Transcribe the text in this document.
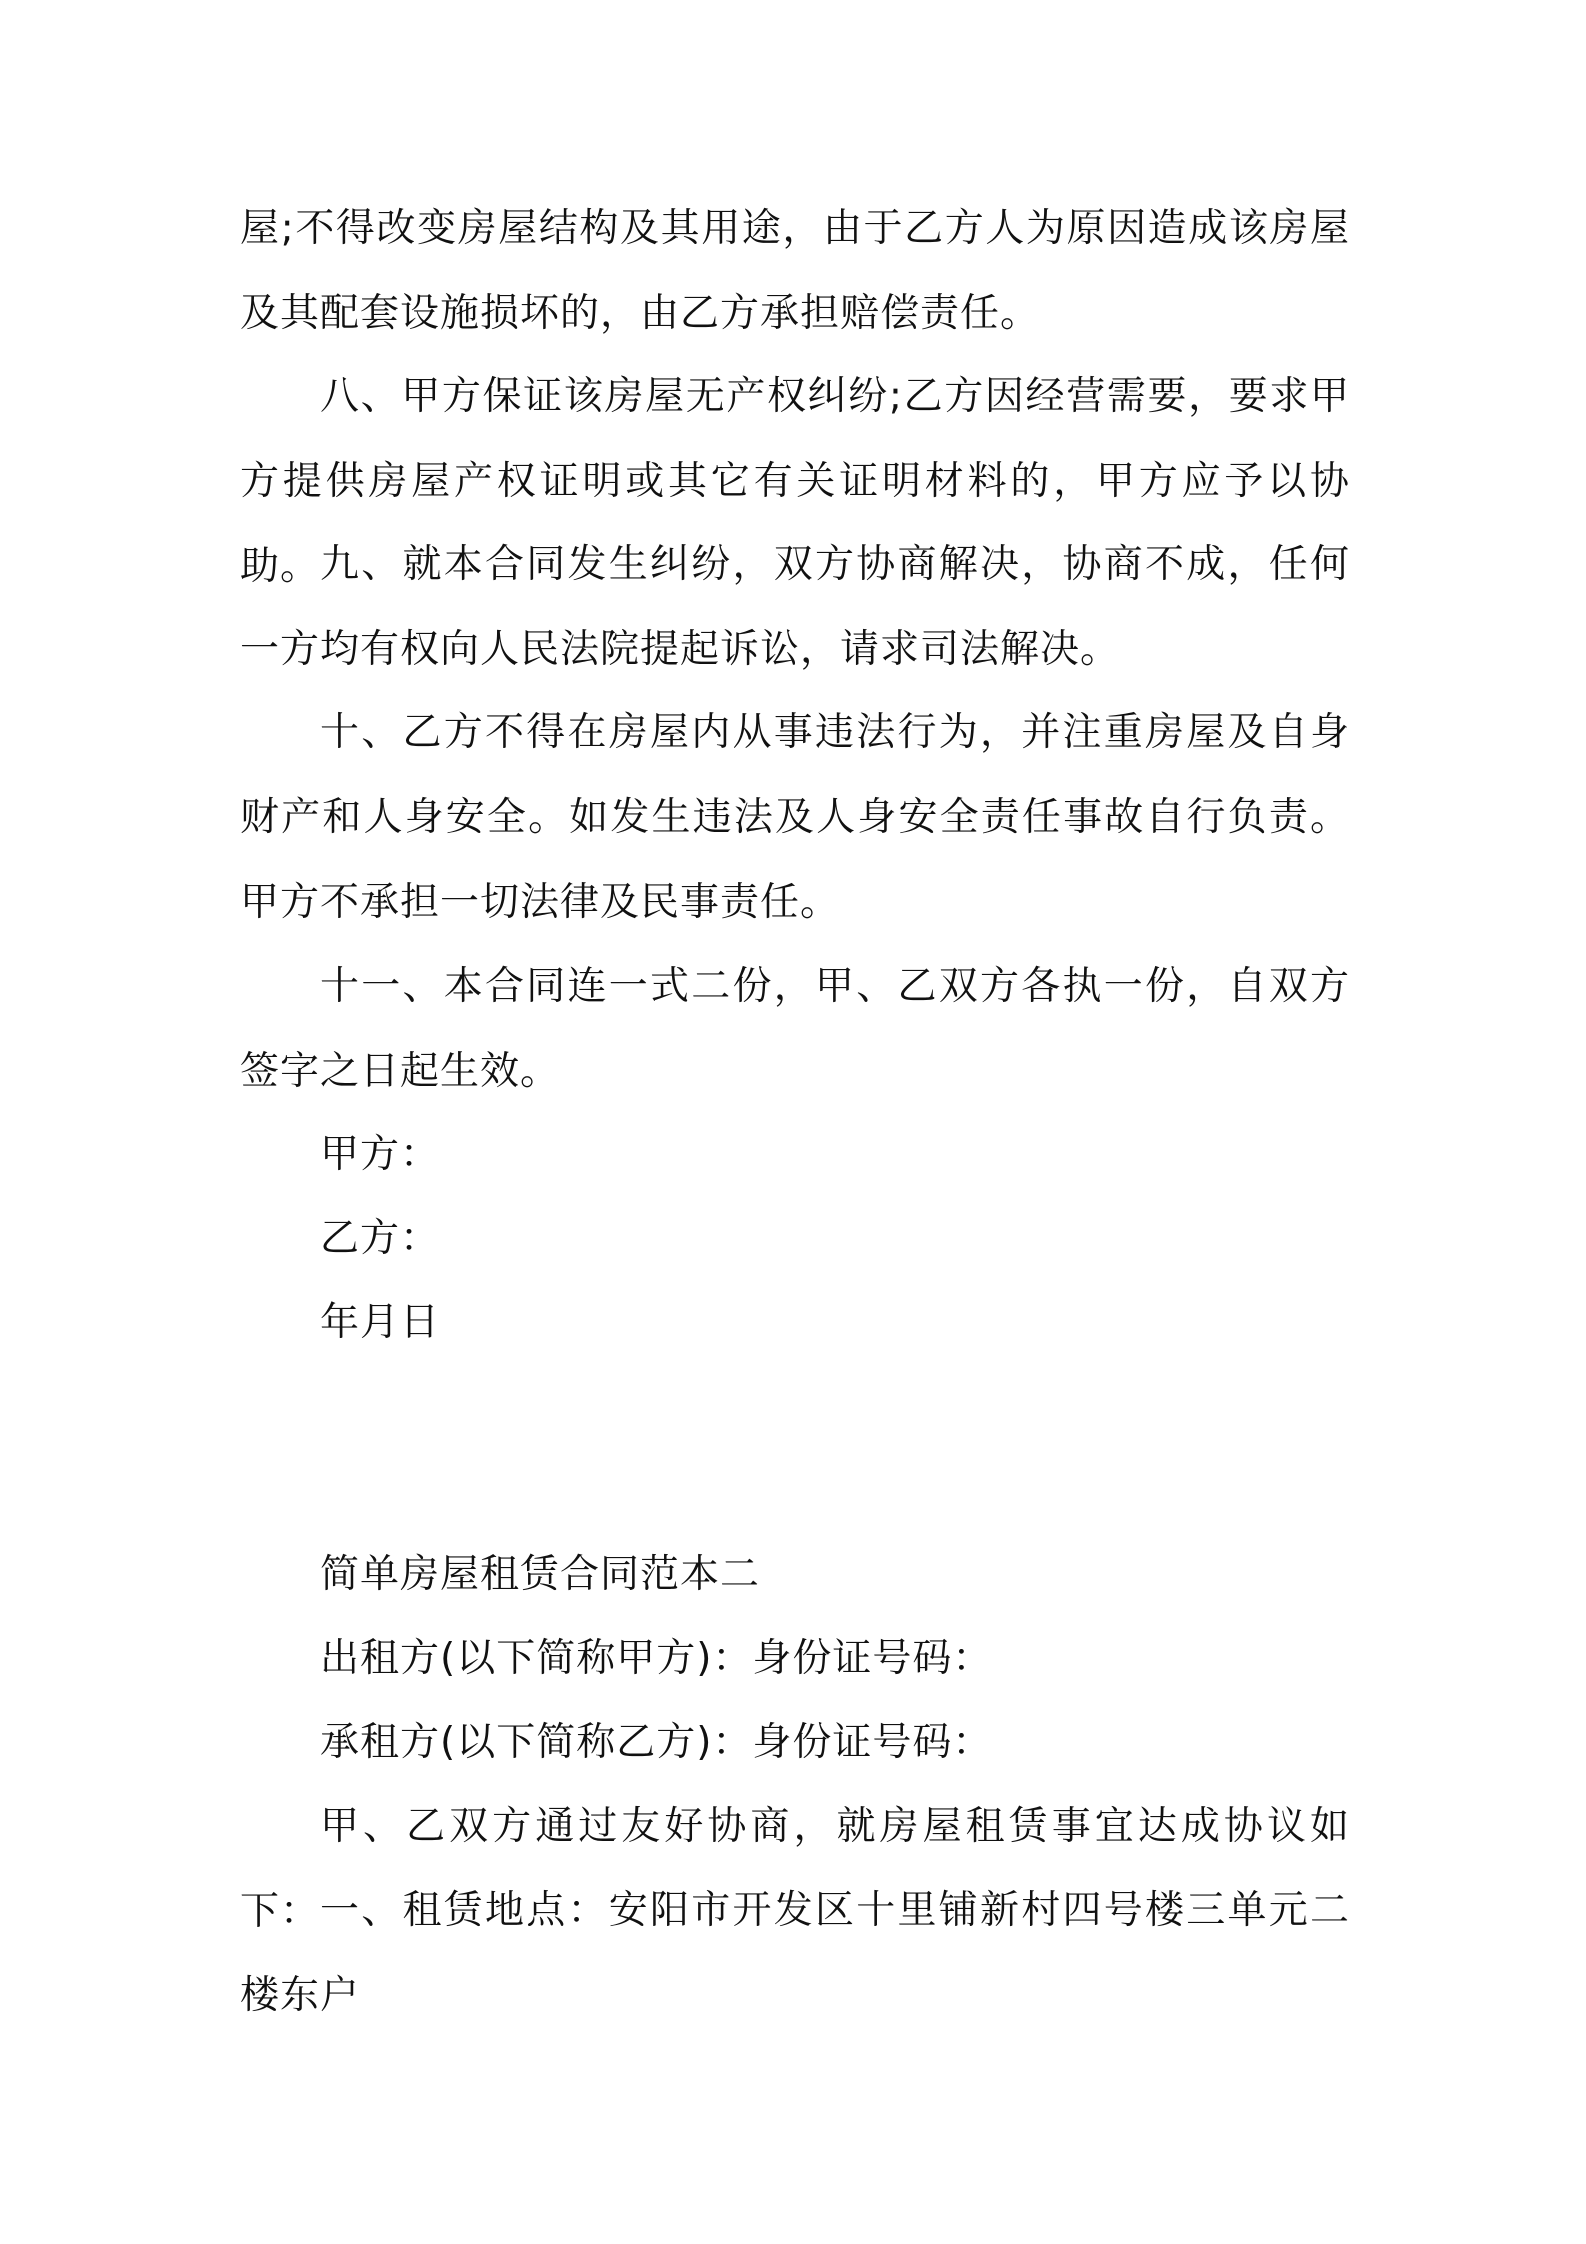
屋;不得改变房屋结构及其用途，由于乙方人为原因造成该房屋及其配套设施损坏的，由乙方承担赔偿责任。

八、甲方保证该房屋无产权纠纷;乙方因经营需要，要求甲方提供房屋产权证明或其它有关证明材料的，甲方应予以协助。 九、就本合同发生纠纷，双方协商解决，协商不成，任何一方均有权向人民法院提起诉讼，请求司法解决。

十、乙方不得在房屋内从事违法行为，并注重房屋及自身财产和人身安全。如发生违法及人身安全责任事故自行负责。甲方不承担一切法律及民事责任。

十一、本合同连一式二份，甲、乙双方各执一份，自双方签字之日起生效。

甲方：

乙方：

年月日

简单房屋租赁合同范本二

出租方(以下简称甲方)：身份证号码：

承租方(以下简称乙方)：身份证号码：

甲、乙双方通过友好协商，就房屋租赁事宜达成协议如下： 一、租赁地点：安阳市开发区十里铺新村四号楼三单元二楼东户
